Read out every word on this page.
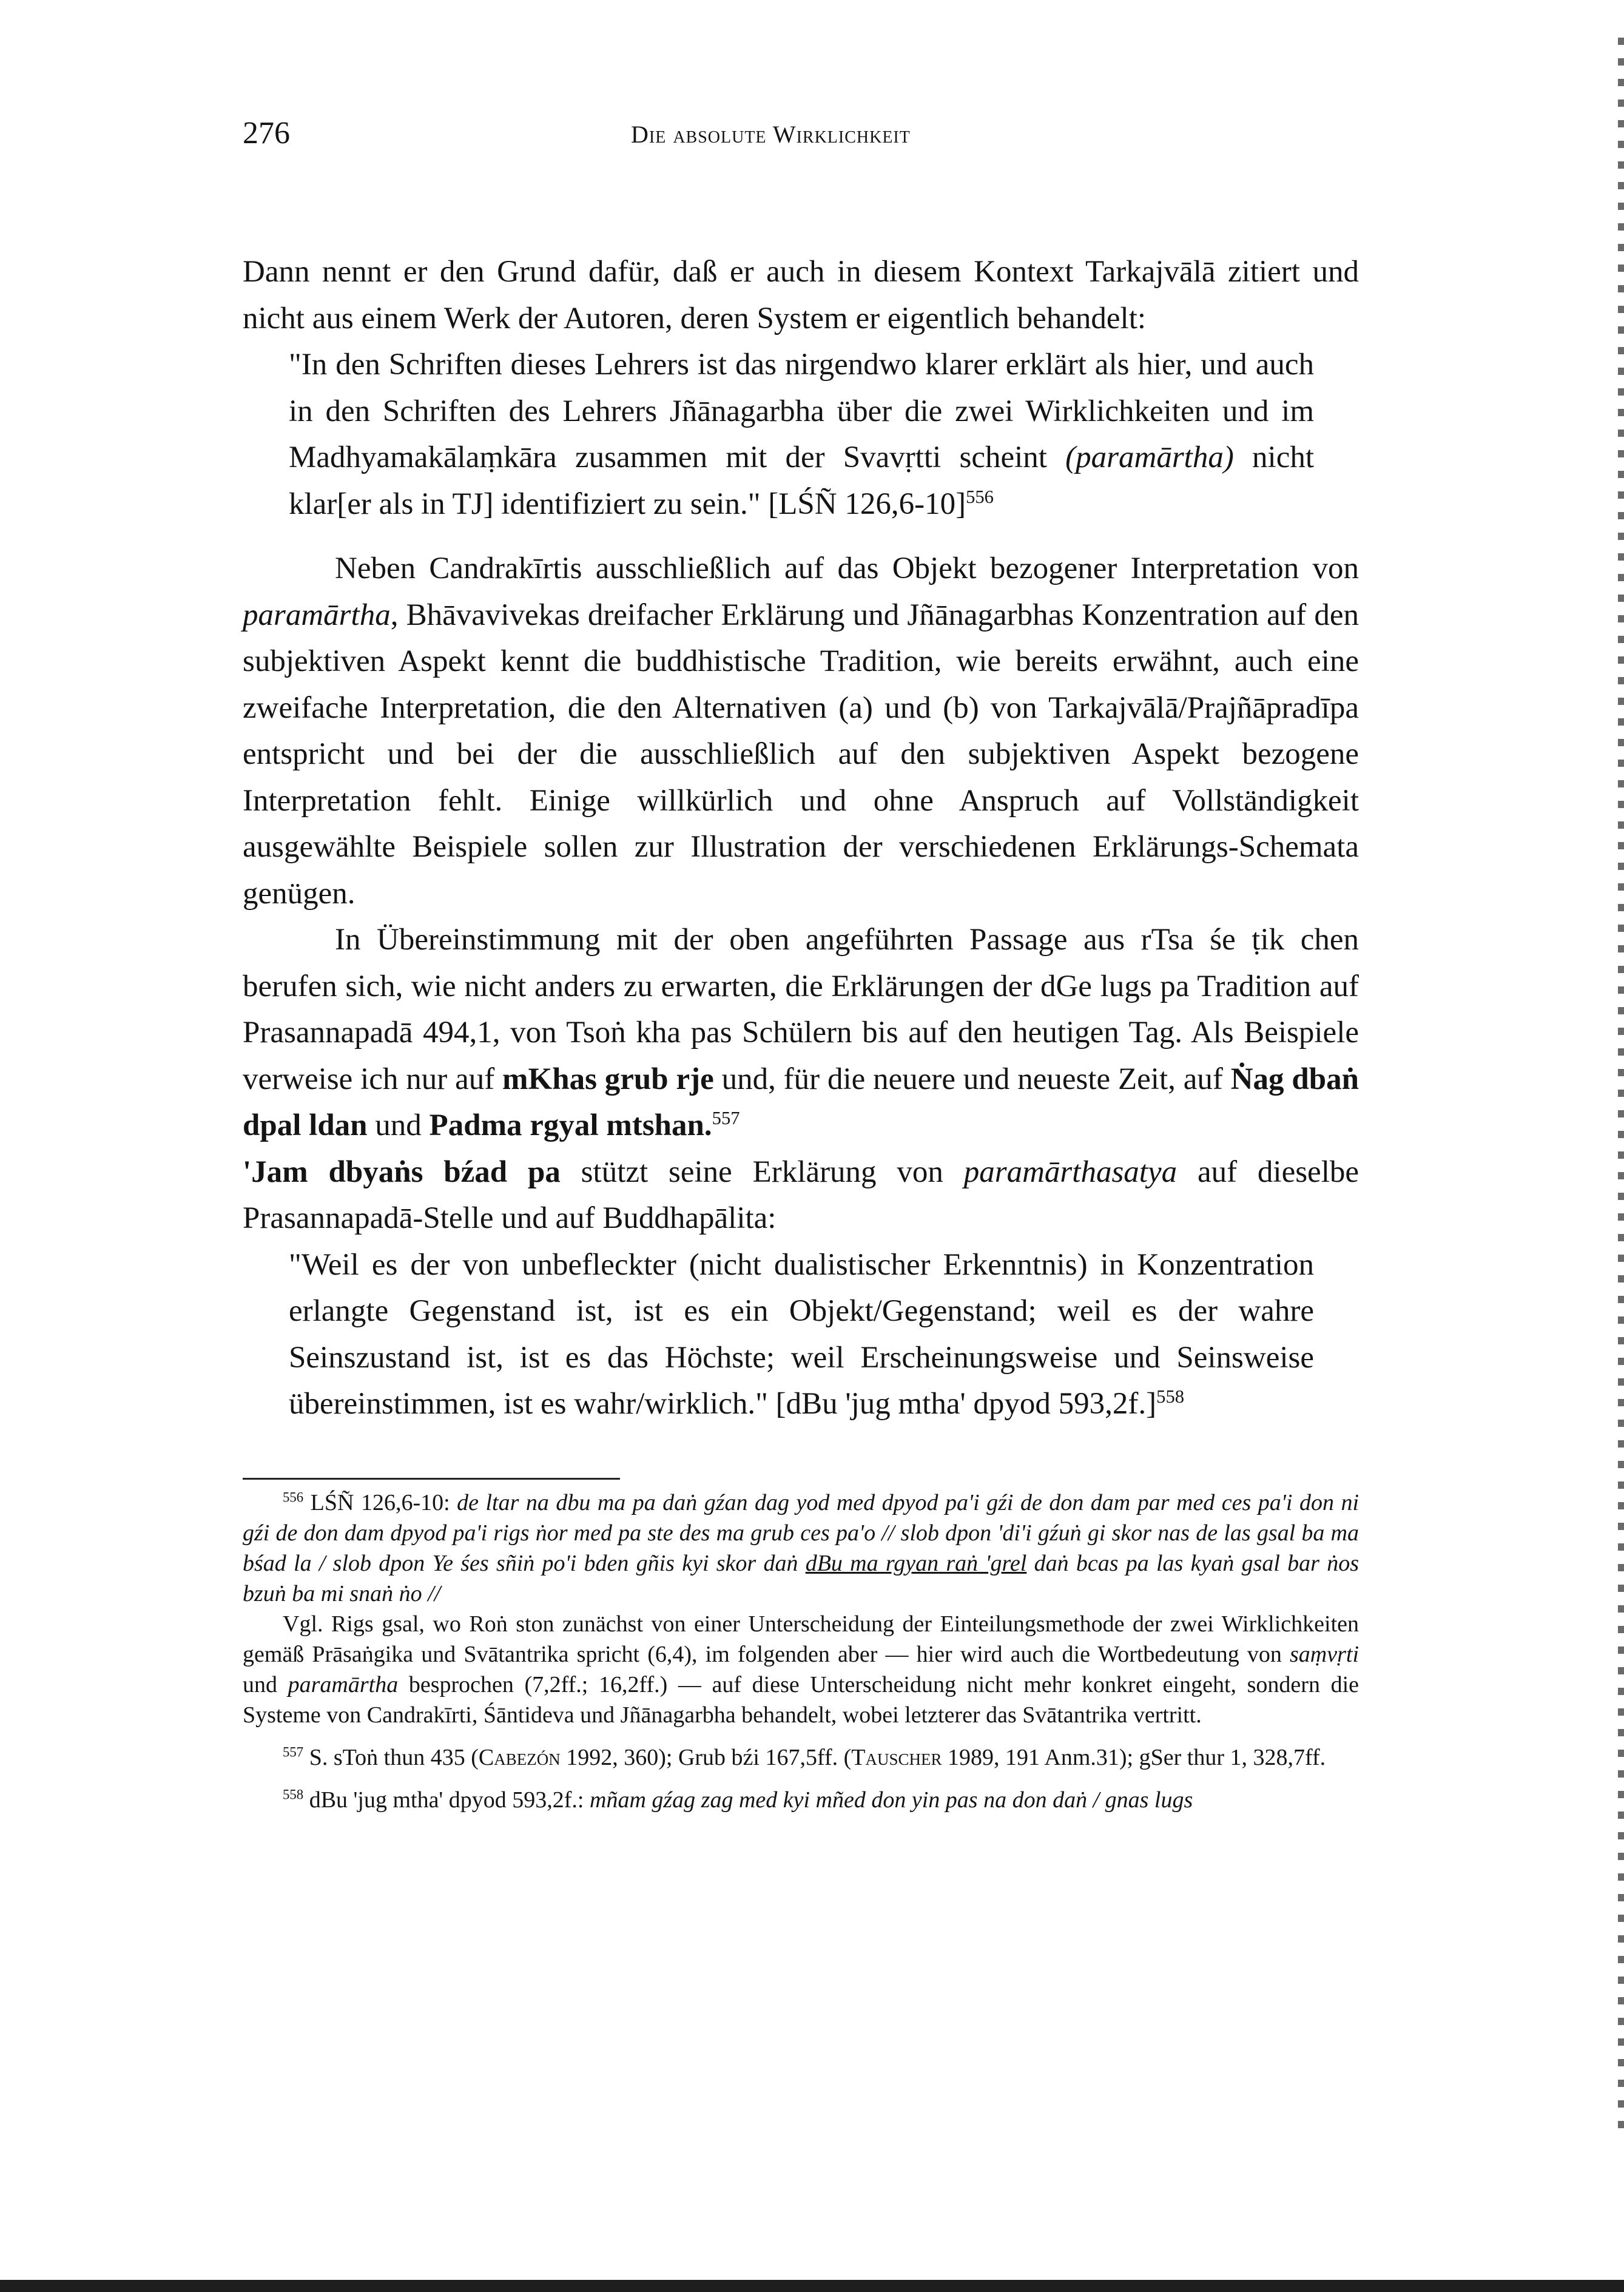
276	Die absolute Wirklichkeit

Dann nennt er den Grund dafür, daß er auch in diesem Kontext Tarkajvālā zitiert und nicht aus einem Werk der Autoren, deren System er eigentlich behandelt:

"In den Schriften dieses Lehrers ist das nirgendwo klarer erklärt als hier, und auch in den Schriften des Lehrers Jñānagarbha über die zwei Wirklichkeiten und im Madhyamakālaṃkāra zusammen mit der Svavṛtti scheint (paramārtha) nicht klar[er als in TJ] identifiziert zu sein." [LŚÑ 126,6-10]$^{556}$

Neben Candrakīrtis ausschließlich auf das Objekt bezogener Interpretation von paramārtha, Bhāvavivekas dreifacher Erklärung und Jñānagarbhas Konzentration auf den subjektiven Aspekt kennt die buddhistische Tradition, wie bereits erwähnt, auch eine zweifache Interpretation, die den Alternativen (a) und (b) von Tarkajvālā/Prajñāpradīpa entspricht und bei der die ausschließlich auf den subjektiven Aspekt bezogene Interpretation fehlt. Einige willkürlich und ohne Anspruch auf Vollständigkeit ausgewählte Beispiele sollen zur Illustration der verschiedenen Erklärungs-Schemata genügen.

In Übereinstimmung mit der oben angeführten Passage aus rTsa śe ṭik chen berufen sich, wie nicht anders zu erwarten, die Erklärungen der dGe lugs pa Tradition auf Prasannapadā 494,1, von Tsoṅ kha pas Schülern bis auf den heutigen Tag. Als Beispiele verweise ich nur auf mKhas grub rje und, für die neuere und neueste Zeit, auf Ṅag dbaṅ dpal ldan und Padma rgyal mtshan.$^{557}$

'Jam dbyaṅs bźad pa stützt seine Erklärung von paramārthasatya auf dieselbe Prasannapadā-Stelle und auf Buddhapālita:

"Weil es der von unbefleckter (nicht dualistischer Erkenntnis) in Konzentration erlangte Gegenstand ist, ist es ein Objekt/Gegenstand; weil es der wahre Seinszustand ist, ist es das Höchste; weil Erscheinungsweise und Seinsweise übereinstimmen, ist es wahr/wirklich." [dBu 'jug mtha' dpyod 593,2f.]$^{558}$

$^{556}$ LŚÑ 126,6-10: de ltar na dbu ma pa daṅ gźan dag yod med dpyod pa'i gźi de don dam par med ces pa'i don ni gźi de don dam dpyod pa'i rigs ṅor med pa ste des ma grub ces pa'o // slob dpon 'di'i gźuṅ gi skor nas de las gsal ba ma bśad la / slob dpon Ye śes sñiṅ po'i bden gñis kyi skor daṅ dBu ma rgyan raṅ 'grel daṅ bcas pa las kyaṅ gsal bar ṅos bzuṅ ba mi snaṅ ṅo //

Vgl. Rigs gsal, wo Roṅ ston zunächst von einer Unterscheidung der Einteilungsmethode der zwei Wirklichkeiten gemäß Prāsaṅgika und Svātantrika spricht (6,4), im folgenden aber — hier wird auch die Wortbedeutung von saṃvṛti und paramārtha besprochen (7,2ff.; 16,2ff.) — auf diese Unterscheidung nicht mehr konkret eingeht, sondern die Systeme von Candrakīrti, Śāntideva und Jñānagarbha behandelt, wobei letzterer das Svātantrika vertritt.

$^{557}$ S. sToṅ thun 435 (Cabezón 1992, 360); Grub bźi 167,5ff. (Tauscher 1989, 191 Anm.31); gSer thur 1, 328,7ff.
$^{558}$ dBu 'jug mtha' dpyod 593,2f.: mñam gźag zag med kyi mñed don yin pas na don daṅ / gnas lugs
